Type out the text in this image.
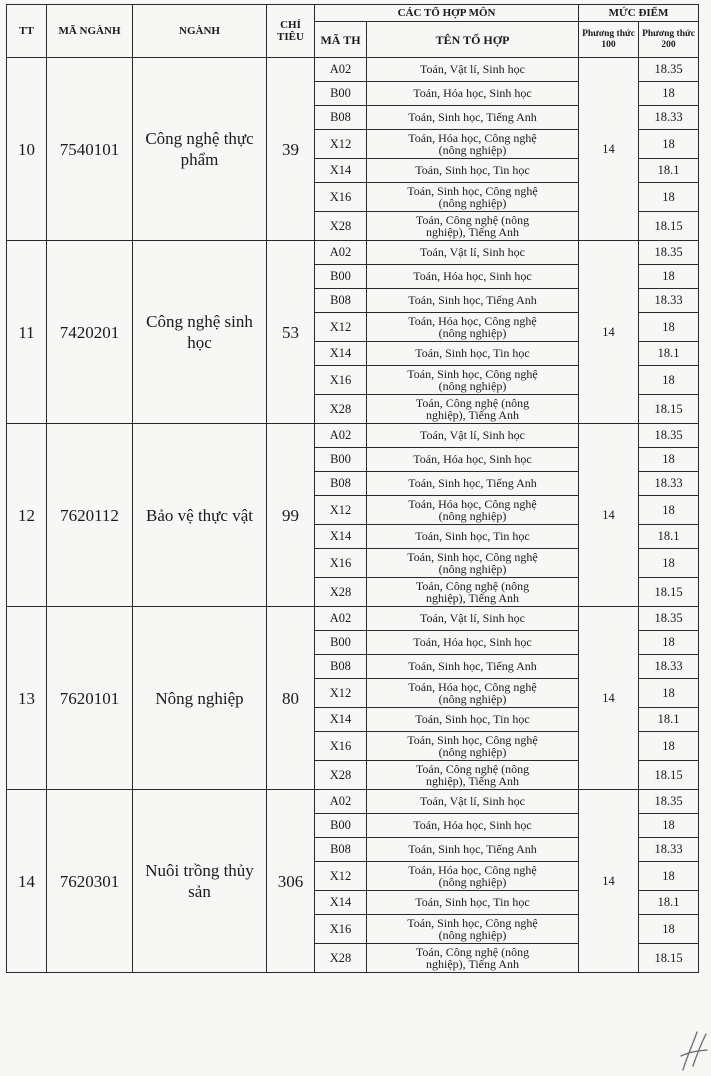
TT	MÃ NGÀNH	NGÀNH	CHỈ TIÊU	CÁC TỔ HỢP MÔN		MỨC ĐIỂM	
				MÃ TH	TÊN TỔ HỢP	Phương thức 100	Phương thức 200
10	7540101	Công nghệ thực phẩm	39	A02	Toán, Vật lí, Sinh học	14	18.35
				B00	Toán, Hóa học, Sinh học		18
				B08	Toán, Sinh học, Tiếng Anh		18.33
				X12	Toán, Hóa học, Công nghệ (nông nghiệp)		18
				X14	Toán, Sinh học, Tin học		18.1
				X16	Toán, Sinh học, Công nghệ (nông nghiệp)		18
				X28	Toán, Công nghệ (nông nghiệp), Tiếng Anh		18.15
11	7420201	Công nghệ sinh học	53	A02	Toán, Vật lí, Sinh học	14	18.35
				B00	Toán, Hóa học, Sinh học		18
				B08	Toán, Sinh học, Tiếng Anh		18.33
				X12	Toán, Hóa học, Công nghệ (nông nghiệp)		18
				X14	Toán, Sinh học, Tin học		18.1
				X16	Toán, Sinh học, Công nghệ (nông nghiệp)		18
				X28	Toán, Công nghệ (nông nghiệp), Tiếng Anh		18.15
12	7620112	Bảo vệ thực vật	99	A02	Toán, Vật lí, Sinh học	14	18.35
				B00	Toán, Hóa học, Sinh học		18
				B08	Toán, Sinh học, Tiếng Anh		18.33
				X12	Toán, Hóa học, Công nghệ (nông nghiệp)		18
				X14	Toán, Sinh học, Tin học		18.1
				X16	Toán, Sinh học, Công nghệ (nông nghiệp)		18
				X28	Toán, Công nghệ (nông nghiệp), Tiếng Anh		18.15
13	7620101	Nông nghiệp	80	A02	Toán, Vật lí, Sinh học	14	18.35
				B00	Toán, Hóa học, Sinh học		18
				B08	Toán, Sinh học, Tiếng Anh		18.33
				X12	Toán, Hóa học, Công nghệ (nông nghiệp)		18
				X14	Toán, Sinh học, Tin học		18.1
				X16	Toán, Sinh học, Công nghệ (nông nghiệp)		18
				X28	Toán, Công nghệ (nông nghiệp), Tiếng Anh		18.15
14	7620301	Nuôi trồng thủy sản	306	A02	Toán, Vật lí, Sinh học	14	18.35
				B00	Toán, Hóa học, Sinh học		18
				B08	Toán, Sinh học, Tiếng Anh		18.33
				X12	Toán, Hóa học, Công nghệ (nông nghiệp)		18
				X14	Toán, Sinh học, Tin học		18.1
				X16	Toán, Sinh học, Công nghệ (nông nghiệp)		18
				X28	Toán, Công nghệ (nông nghiệp), Tiếng Anh		18.15
